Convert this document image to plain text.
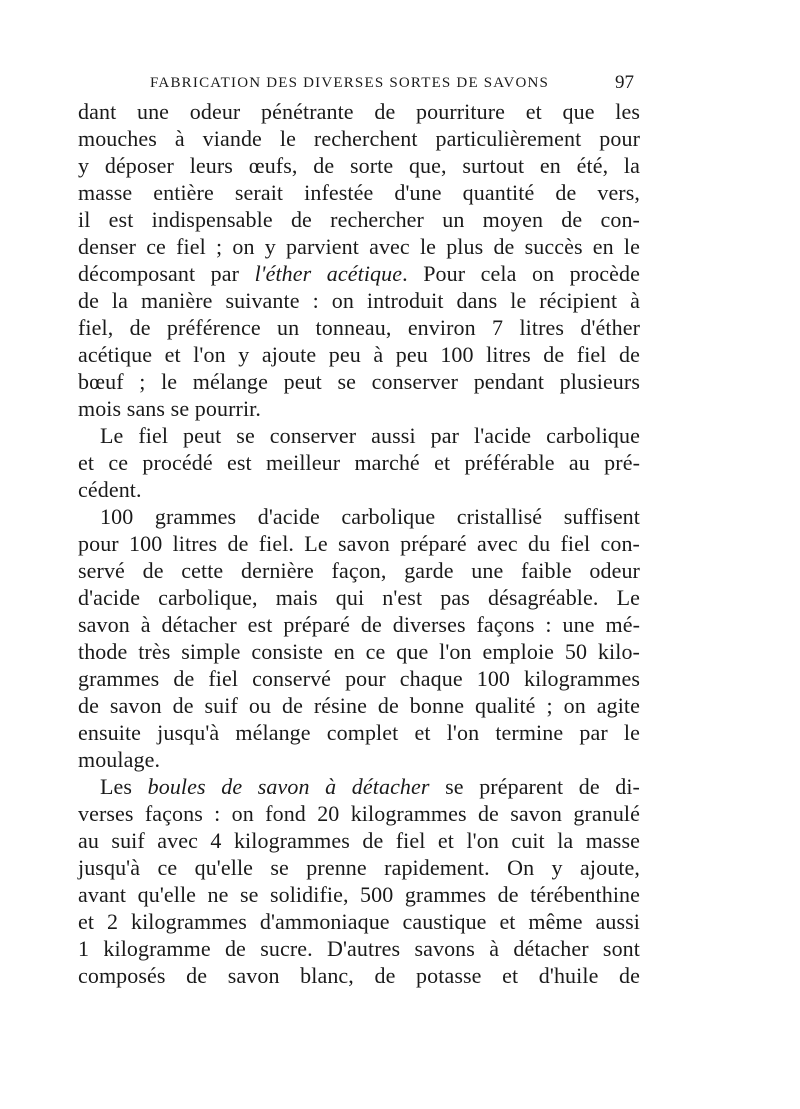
FABRICATION DES DIVERSES SORTES DE SAVONS	97
dant une odeur pénétrante de pourriture et que les
mouches à viande le recherchent particulièrement pour
y déposer leurs œufs, de sorte que, surtout en été, la
masse entière serait infestée d'une quantité de vers,
il est indispensable de rechercher un moyen de con-
denser ce fiel ; on y parvient avec le plus de succès en le
décomposant par l'éther acétique. Pour cela on procède
de la manière suivante : on introduit dans le récipient à
fiel, de préférence un tonneau, environ 7 litres d'éther
acétique et l'on y ajoute peu à peu 100 litres de fiel de
bœuf ; le mélange peut se conserver pendant plusieurs
mois sans se pourrir.
Le fiel peut se conserver aussi par l'acide carbolique
et ce procédé est meilleur marché et préférable au pré-
cédent.
100 grammes d'acide carbolique cristallisé suffisent
pour 100 litres de fiel. Le savon préparé avec du fiel con-
servé de cette dernière façon, garde une faible odeur
d'acide carbolique, mais qui n'est pas désagréable. Le
savon à détacher est préparé de diverses façons : une mé-
thode très simple consiste en ce que l'on emploie 50 kilo-
grammes de fiel conservé pour chaque 100 kilogrammes
de savon de suif ou de résine de bonne qualité ; on agite
ensuite jusqu'à mélange complet et l'on termine par le
moulage.
Les boules de savon à détacher se préparent de di-
verses façons : on fond 20 kilogrammes de savon granulé
au suif avec 4 kilogrammes de fiel et l'on cuit la masse
jusqu'à ce qu'elle se prenne rapidement. On y ajoute,
avant qu'elle ne se solidifie, 500 grammes de térébenthine
et 2 kilogrammes d'ammoniaque caustique et même aussi
1 kilogramme de sucre. D'autres savons à détacher sont
composés de savon blanc, de potasse et d'huile de
